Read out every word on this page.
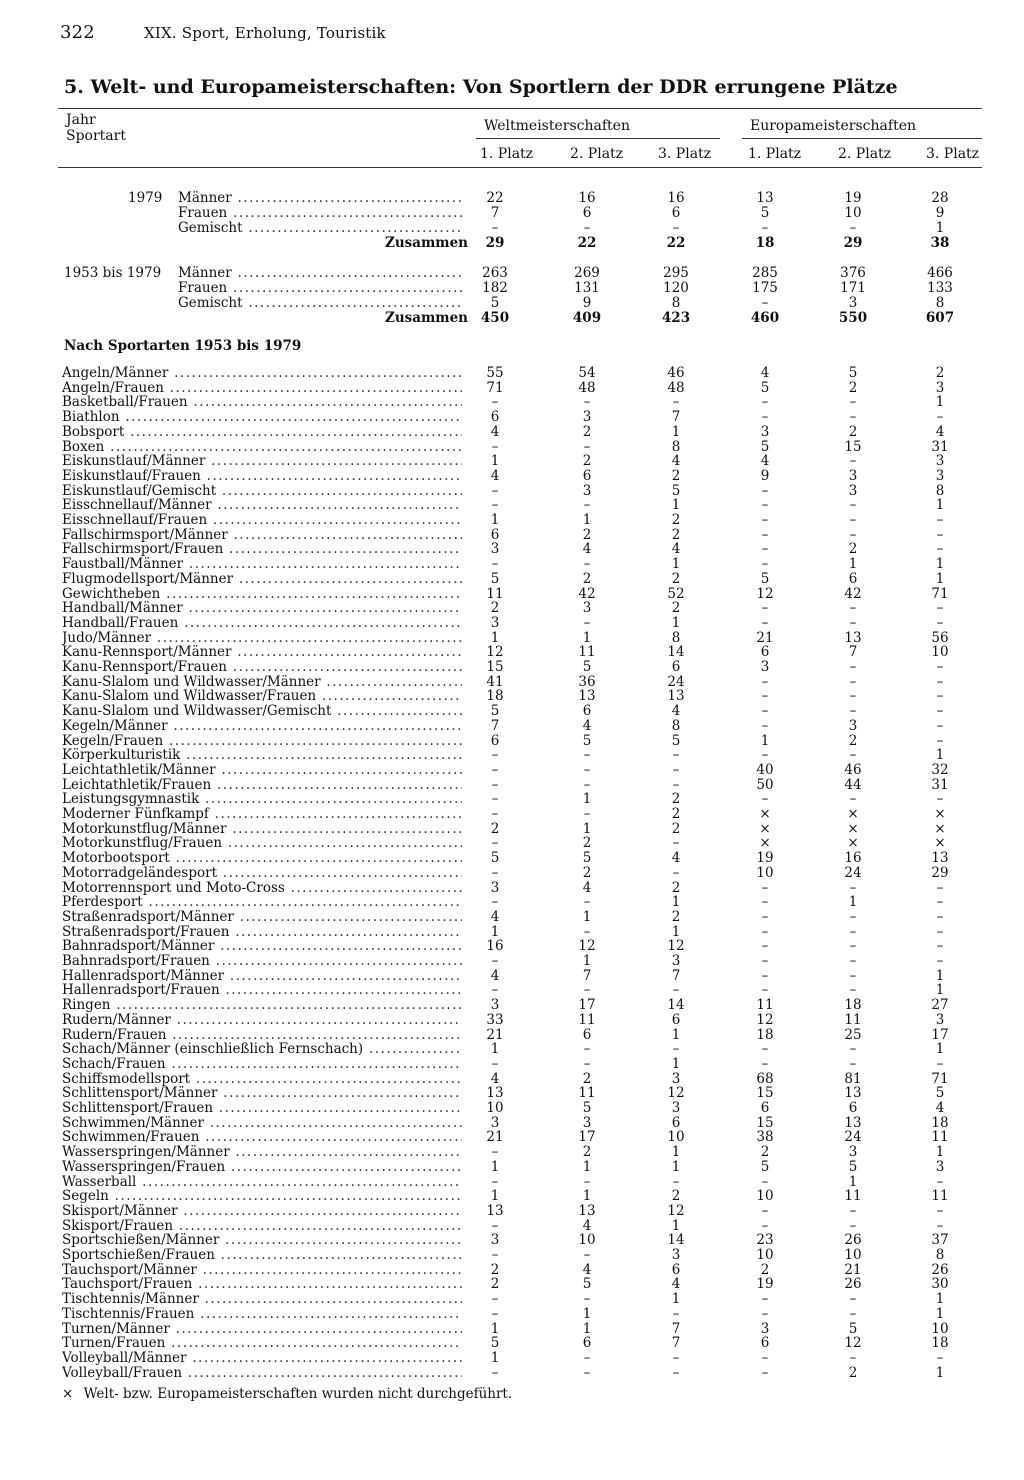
322	XIX. Sport, Erholung, Touristik
5. Welt- und Europameisterschaften: Von Sportlern der DDR errungene Plätze
Jahr
Sportart
Weltmeisterschaften	Europameisterschaften
1. Platz	2. Platz 3. Platz	1. Platz	2. Platz 3. Platz
1979	Männer .....	22	16	16	13	19	28
Frauen .....	7	6	6	5	10	9
Gemischt .....	–	–	–	–	–	1
Zusammen	29	22	22	18	29	38
1953 bis 1979	Männer .....	263	269	295	285	376	466
Frauen .....	182	131	120	175	171	133
Gemischt .....	5	9	8	–	3	8
Zusammen 450	409	423	460	550	607
Nach Sportarten 1953 bis 1979
Angeln/Männer .....	55	54	46	4	5	2
Angeln/Frauen .....	71	48	48	5	2	3
Basketball/Frauen .....	–	–	–	–	–	1
Biathlon .....	6	3	7	–	–	–
Bobsport .....	4	2	1	3	2	4
Boxen .....	–	–	8	5	15	31
Eiskunstlauf/Männer .....	1	2	4	4	–	3
Eiskunstlauf/Frauen .....	4	6	2	9	3	3
Eiskunstlauf/Gemischt .....	–	3	5	–	3	8
Eisschnellauf/Männer .....	–	–	1	–	–	1
Eisschnellauf/Frauen .....	1	1	2	–	–	–
Fallschirmsport/Männer .....	6	2	2	–	–	–
Fallschirmsport/Frauen .....	3	4	4	–	2	–
Faustball/Männer .....	–	–	1	–	1	1
Flugmodellsport/Männer .....	5	2	2	5	6	1
Gewichtheben .....	11	42	52	12	42	71
Handball/Männer .....	2	3	2	–	–	–
Handball/Frauen .....	3	–	1	–	–	–
Judo/Männer .....	1	1	8	21	13	56
Kanu-Rennsport/Männer .....	12	11	14	6	7	10
Kanu-Rennsport/Frauen .....	15	5	6	3	–	–
Kanu-Slalom und Wildwasser/Männer .....	41	36	24	–	–	–
Kanu-Slalom und Wildwasser/Frauen .....	18	13	13	–	–	–
Kanu-Slalom und Wildwasser/Gemischt .....	5	6	4	–	–	–
Kegeln/Männer .....	7	4	8	–	3	–
Kegeln/Frauen .....	6	5	5	1	2	–
Körperkulturistik .....	–	–	–	–	–	1
Leichtathletik/Männer .....	–	–	–	40	46	32
Leichtathletik/Frauen .....	–	–	–	50	44	31
Leistungsgymnastik .....	–	1	2	–	–	–
Moderner Fünfkampf .....	–	–	2	×	×	×
Motorkunstflug/Männer .....	2	1	2	×	×	×
Motorkunstflug/Frauen .....	–	2	–	×	×	×
Motorbootsport .....	5	5	4	19	16	13
Motorradgeländesport .....	–	2	–	10	24	29
Motorrennsport und Moto-Cross .....	3	4	2	–	–	–
Pferdesport .....	–	–	1	–	1	–
Straßenradsport/Männer .....	4	1	2	–	–	–
Straßenradsport/Frauen .....	1	–	1	–	–	–
Bahnradsport/Männer .....	16	12	12	–	–	–
Bahnradsport/Frauen .....	–	1	3	–	–	–
Hallenradsport/Männer .....	4	7	7	–	–	1
Hallenradsport/Frauen .....	–	–	–	–	–	1
Ringen .....	3	17	14	11	18	27
Rudern/Männer .....	33	11	6	12	11	3
Rudern/Frauen .....	21	6	1	18	25	17
Schach/Männer (einschließlich Fernschach) .....	1	–	–	–	–	1
Schach/Frauen .....	–	–	1	–	–	–
Schiffsmodellsport .....	4	2	3	68	81	71
Schlittensport/Männer .....	13	11	12	15	13	5
Schlittensport/Frauen .....	10	5	3	6	6	4
Schwimmen/Männer .....	3	3	6	15	13	18
Schwimmen/Frauen .....	21	17	10	38	24	11
Wasserspringen/Männer .....	–	2	1	2	3	1
Wasserspringen/Frauen .....	1	1	1	5	5	3
Wasserball .....	–	–	–	–	1	–
Segeln .....	1	1	2	10	11	11
Skisport/Männer .....	13	13	12	–	–	–
Skisport/Frauen .....	–	4	1	–	–	–
Sportschießen/Männer .....	3	10	14	23	26	37
Sportschießen/Frauen .....	–	–	3	10	10	8
Tauchsport/Männer .....	2	4	6	2	21	26
Tauchsport/Frauen .....	2	5	4	19	26	30
Tischtennis/Männer .....	–	–	1	–	–	1
Tischtennis/Frauen .....	–	1	–	–	–	1
Turnen/Männer .....	1	1	7	3	5	10
Turnen/Frauen .....	5	6	7	6	12	18
Volleyball/Männer .....	1	–	–	–	–	–
Volleyball/Frauen .....	–	–	–	–	2	1
× Welt- bzw. Europameisterschaften wurden nicht durchgeführt.
